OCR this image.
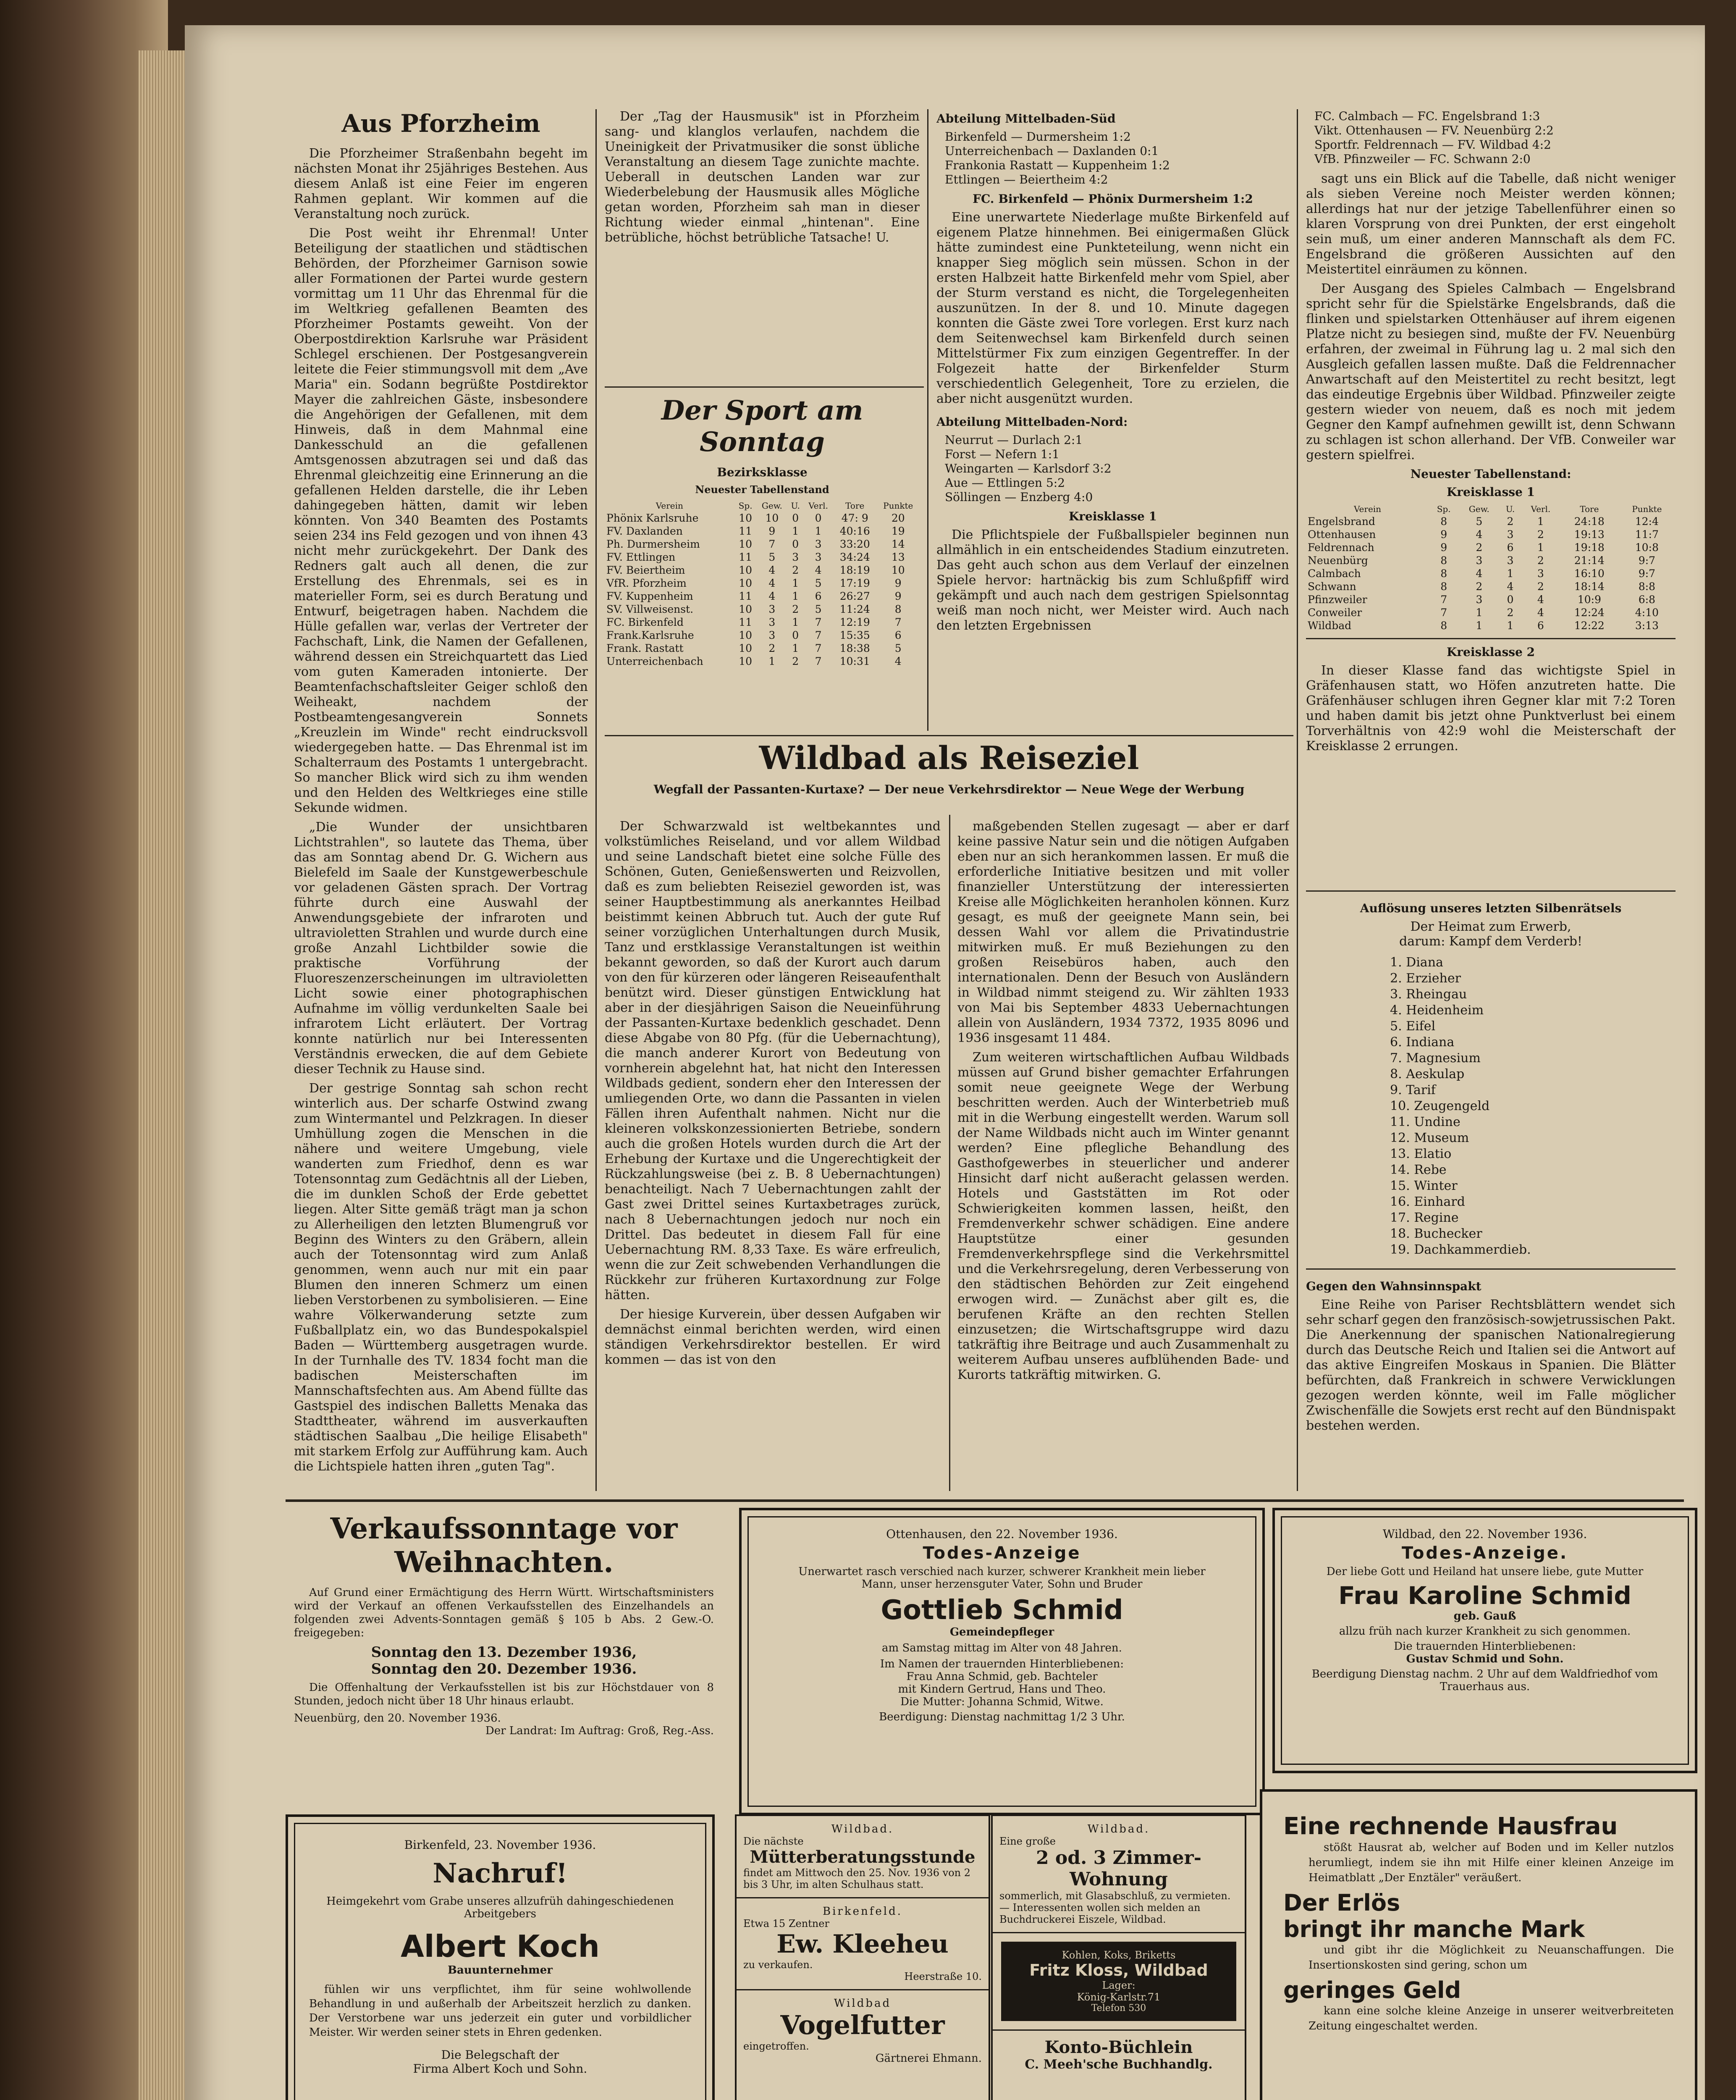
Aus Pforzheim

Die Pforzheimer Straßenbahn begeht im nächsten Monat ihr 25jähriges Bestehen. Aus diesem Anlaß ist eine Feier im engeren Rahmen geplant. Wir kommen auf die Veranstaltung noch zurück.

Die Post weiht ihr Ehrenmal! Unter Beteiligung der staatlichen und städtischen Behörden, der Pforzheimer Garnison sowie aller Formationen der Partei wurde gestern vormittag um 11 Uhr das Ehrenmal für die im Weltkrieg gefallenen Beamten des Pforzheimer Postamts geweiht. Von der Oberpostdirektion Karlsruhe war Präsident Schlegel erschienen. Der Postgesangverein leitete die Feier stimmungsvoll mit dem „Ave Maria" ein. Sodann begrüßte Postdirektor Mayer die zahlreichen Gäste, insbesondere die Angehörigen der Gefallenen, mit dem Hinweis, daß in dem Mahnmal eine Dankesschuld an die gefallenen Amtsgenossen abzutragen sei und daß das Ehrenmal gleichzeitig eine Erinnerung an die gefallenen Helden darstelle, die ihr Leben dahingegeben hätten, damit wir leben könnten. Von 340 Beamten des Postamts seien 234 ins Feld gezogen und von ihnen 43 nicht mehr zurückgekehrt. Der Dank des Redners galt auch all denen, die zur Erstellung des Ehrenmals, sei es in materieller Form, sei es durch Beratung und Entwurf, beigetragen haben. Nachdem die Hülle gefallen war, verlas der Vertreter der Fachschaft, Link, die Namen der Gefallenen, während dessen ein Streichquartett das Lied vom guten Kameraden intonierte. Der Beamtenfachschaftsleiter Geiger schloß den Weiheakt, nachdem der Postbeamtengesangverein Sonnets „Kreuzlein im Winde" recht eindrucksvoll wiedergegeben hatte. — Das Ehrenmal ist im Schalterraum des Postamts 1 untergebracht. So mancher Blick wird sich zu ihm wenden und den Helden des Weltkrieges eine stille Sekunde widmen.

„Die Wunder der unsichtbaren Lichtstrahlen", so lautete das Thema, über das am Sonntag abend Dr. G. Wichern aus Bielefeld im Saale der Kunstgewerbeschule vor geladenen Gästen sprach. Der Vortrag führte durch eine Auswahl der Anwendungsgebiete der infraroten und ultravioletten Strahlen und wurde durch eine große Anzahl Lichtbilder sowie die praktische Vorführung der Fluoreszenzerscheinungen im ultravioletten Licht sowie einer photographischen Aufnahme im völlig verdunkelten Saale bei infrarotem Licht erläutert. Der Vortrag konnte natürlich nur bei Interessenten Verständnis erwecken, die auf dem Gebiete dieser Technik zu Hause sind.

Der gestrige Sonntag sah schon recht winterlich aus. Der scharfe Ostwind zwang zum Wintermantel und Pelzkragen. In dieser Umhüllung zogen die Menschen in die nähere und weitere Umgebung, viele wanderten zum Friedhof, denn es war Totensonntag zum Gedächtnis all der Lieben, die im dunklen Schoß der Erde gebettet liegen. Alter Sitte gemäß trägt man ja schon zu Allerheiligen den letzten Blumengruß vor Beginn des Winters zu den Gräbern, allein auch der Totensonntag wird zum Anlaß genommen, wenn auch nur mit ein paar Blumen den inneren Schmerz um einen lieben Verstorbenen zu symbolisieren. — Eine wahre Völkerwanderung setzte zum Fußballplatz ein, wo das Bundespokalspiel Baden — Württemberg ausgetragen wurde. In der Turnhalle des TV. 1834 focht man die badischen Meisterschaften im Mannschaftsfechten aus. Am Abend füllte das Gastspiel des indischen Balletts Menaka das Stadttheater, während im ausverkauften städtischen Saalbau „Die heilige Elisabeth" mit starkem Erfolg zur Aufführung kam. Auch die Lichtspiele hatten ihren „guten Tag".

Der „Tag der Hausmusik" ist in Pforzheim sang- und klanglos verlaufen, nachdem die Uneinigkeit der Privatmusiker die sonst übliche Veranstaltung an diesem Tage zunichte machte. Ueberall in deutschen Landen war zur Wiederbelebung der Hausmusik alles Mögliche getan worden, Pforzheim sah man in dieser Richtung wieder einmal „hintenan". Eine betrübliche, höchst betrübliche Tatsache! U.

Der Sport am Sonntag
Bezirksklasse
Neuester Tabellenstand
Verein	Sp.	Gew.	U.	Verl.	Tore	Punkte
Phönix Karlsruhe	10	10	0	0	47: 9	20
FV. Daxlanden	11	9	1	1	40:16	19
Ph. Durmersheim	10	7	0	3	33:20	14
FV. Ettlingen	11	5	3	3	34:24	13
FV. Beiertheim	10	4	2	4	18:19	10
VfR. Pforzheim	10	4	1	5	17:19	9
FV. Kuppenheim	11	4	1	6	26:27	9
SV. Villweisenst.	10	3	2	5	11:24	8
FC. Birkenfeld	11	3	1	7	12:19	7
Frank.Karlsruhe	10	3	0	7	15:35	6
Frank. Rastatt	10	2	1	7	18:38	5
Unterreichenbach	10	1	2	7	10:31	4
Abteilung Mittelbaden-Süd
Birkenfeld — Durmersheim 1:2
Unterreichenbach — Daxlanden 0:1
Frankonia Rastatt — Kuppenheim 1:2
Ettlingen — Beiertheim 4:2
FC. Birkenfeld — Phönix Durmersheim 1:2

Eine unerwartete Niederlage mußte Birkenfeld auf eigenem Platze hinnehmen. Bei einigermaßen Glück hätte zumindest eine Punkteteilung, wenn nicht ein knapper Sieg möglich sein müssen. Schon in der ersten Halbzeit hatte Birkenfeld mehr vom Spiel, aber der Sturm verstand es nicht, die Torgelegenheiten auszunützen. In der 8. und 10. Minute dagegen konnten die Gäste zwei Tore vorlegen. Erst kurz nach dem Seitenwechsel kam Birkenfeld durch seinen Mittelstürmer Fix zum einzigen Gegentreffer. In der Folgezeit hatte der Birkenfelder Sturm verschiedentlich Gelegenheit, Tore zu erzielen, die aber nicht ausgenützt wurden.

Abteilung Mittelbaden-Nord:
Neurrut — Durlach 2:1
Forst — Nefern 1:1
Weingarten — Karlsdorf 3:2
Aue — Ettlingen 5:2
Söllingen — Enzberg 4:0
Kreisklasse 1

Die Pflichtspiele der Fußballspieler beginnen nun allmählich in ein entscheidendes Stadium einzutreten. Das geht auch schon aus dem Verlauf der einzelnen Spiele hervor: hartnäckig bis zum Schlußpfiff wird gekämpft und auch nach dem gestrigen Spielsonntag weiß man noch nicht, wer Meister wird. Auch nach den letzten Ergebnissen

FC. Calmbach — FC. Engelsbrand 1:3
Vikt. Ottenhausen — FV. Neuenbürg 2:2
Sportfr. Feldrennach — FV. Wildbad 4:2
VfB. Pfinzweiler — FC. Schwann 2:0

sagt uns ein Blick auf die Tabelle, daß nicht weniger als sieben Vereine noch Meister werden können; allerdings hat nur der jetzige Tabellenführer einen so klaren Vorsprung von drei Punkten, der erst eingeholt sein muß, um einer anderen Mannschaft als dem FC. Engelsbrand die größeren Aussichten auf den Meistertitel einräumen zu können.

Der Ausgang des Spieles Calmbach — Engelsbrand spricht sehr für die Spielstärke Engelsbrands, daß die flinken und spielstarken Ottenhäuser auf ihrem eigenen Platze nicht zu besiegen sind, mußte der FV. Neuenbürg erfahren, der zweimal in Führung lag u. 2 mal sich den Ausgleich gefallen lassen mußte. Daß die Feldrennacher Anwartschaft auf den Meistertitel zu recht besitzt, legt das eindeutige Ergebnis über Wildbad. Pfinzweiler zeigte gestern wieder von neuem, daß es noch mit jedem Gegner den Kampf aufnehmen gewillt ist, denn Schwann zu schlagen ist schon allerhand. Der VfB. Conweiler war gestern spielfrei.

Neuester Tabellenstand:
Kreisklasse 1
Verein	Sp.	Gew.	U.	Verl.	Tore	Punkte
Engelsbrand	8	5	2	1	24:18	12:4
Ottenhausen	9	4	3	2	19:13	11:7
Feldrennach	9	2	6	1	19:18	10:8
Neuenbürg	8	3	3	2	21:14	9:7
Calmbach	8	4	1	3	16:10	9:7
Schwann	8	2	4	2	18:14	8:8
Pfinzweiler	7	3	0	4	10:9	6:8
Conweiler	7	1	2	4	12:24	4:10
Wildbad	8	1	1	6	12:22	3:13
Kreisklasse 2

In dieser Klasse fand das wichtigste Spiel in Gräfenhausen statt, wo Höfen anzutreten hatte. Die Gräfenhäuser schlugen ihren Gegner klar mit 7:2 Toren und haben damit bis jetzt ohne Punktverlust bei einem Torverhältnis von 42:9 wohl die Meisterschaft der Kreisklasse 2 errungen.

Auflösung unseres letzten Silbenrätsels
Der Heimat zum Erwerb,
darum: Kampf dem Verderb!
1. Diana
2. Erzieher
3. Rheingau
4. Heidenheim
5. Eifel
6. Indiana
7. Magnesium
8. Aeskulap
9. Tarif
10. Zeugengeld
11. Undine
12. Museum
13. Elatio
14. Rebe
15. Winter
16. Einhard
17. Regine
18. Buchecker
19. Dachkammerdieb.
Gegen den Wahnsinnspakt

Eine Reihe von Pariser Rechtsblättern wendet sich sehr scharf gegen den französisch-sowjetrussischen Pakt. Die Anerkennung der spanischen Nationalregierung durch das Deutsche Reich und Italien sei die Antwort auf das aktive Eingreifen Moskaus in Spanien. Die Blätter befürchten, daß Frankreich in schwere Verwicklungen gezogen werden könnte, weil im Falle möglicher Zwischenfälle die Sowjets erst recht auf den Bündnispakt bestehen werden.

Wildbad als Reiseziel
Wegfall der Passanten-Kurtaxe? — Der neue Verkehrsdirektor — Neue Wege der Werbung

Der Schwarzwald ist weltbekanntes und volkstümliches Reiseland, und vor allem Wildbad und seine Landschaft bietet eine solche Fülle des Schönen, Guten, Genießenswerten und Reizvollen, daß es zum beliebten Reiseziel geworden ist, was seiner Hauptbestimmung als anerkanntes Heilbad beistimmt keinen Abbruch tut. Auch der gute Ruf seiner vorzüglichen Unterhaltungen durch Musik, Tanz und erstklassige Veranstaltungen ist weithin bekannt geworden, so daß der Kurort auch darum von den für kürzeren oder längeren Reiseaufenthalt benützt wird. Dieser günstigen Entwicklung hat aber in der diesjährigen Saison die Neueinführung der Passanten-Kurtaxe bedenklich geschadet. Denn diese Abgabe von 80 Pfg. (für die Uebernachtung), die manch anderer Kurort von Bedeutung von vornherein abgelehnt hat, hat nicht den Interessen Wildbads gedient, sondern eher den Interessen der umliegenden Orte, wo dann die Passanten in vielen Fällen ihren Aufenthalt nahmen. Nicht nur die kleineren volkskonzessionierten Betriebe, sondern auch die großen Hotels wurden durch die Art der Erhebung der Kurtaxe und die Ungerechtigkeit der Rückzahlungsweise (bei z. B. 8 Uebernachtungen) benachteiligt. Nach 7 Uebernachtungen zahlt der Gast zwei Drittel seines Kurtaxbetrages zurück, nach 8 Uebernachtungen jedoch nur noch ein Drittel. Das bedeutet in diesem Fall für eine Uebernachtung RM. 8,33 Taxe. Es wäre erfreulich, wenn die zur Zeit schwebenden Verhandlungen die Rückkehr zur früheren Kurtaxordnung zur Folge hätten.

Der hiesige Kurverein, über dessen Aufgaben wir demnächst einmal berichten werden, wird einen ständigen Verkehrsdirektor bestellen. Er wird kommen — das ist von den

maßgebenden Stellen zugesagt — aber er darf keine passive Natur sein und die nötigen Aufgaben eben nur an sich herankommen lassen. Er muß die erforderliche Initiative besitzen und mit voller finanzieller Unterstützung der interessierten Kreise alle Möglichkeiten heranholen können. Kurz gesagt, es muß der geeignete Mann sein, bei dessen Wahl vor allem die Privatindustrie mitwirken muß. Er muß Beziehungen zu den großen Reisebüros haben, auch den internationalen. Denn der Besuch von Ausländern in Wildbad nimmt steigend zu. Wir zählten 1933 von Mai bis September 4833 Uebernachtungen allein von Ausländern, 1934 7372, 1935 8096 und 1936 insgesamt 11 484.

Zum weiteren wirtschaftlichen Aufbau Wildbads müssen auf Grund bisher gemachter Erfahrungen somit neue geeignete Wege der Werbung beschritten werden. Auch der Winterbetrieb muß mit in die Werbung eingestellt werden. Warum soll der Name Wildbads nicht auch im Winter genannt werden? Eine pflegliche Behandlung des Gasthofgewerbes in steuerlicher und anderer Hinsicht darf nicht außeracht gelassen werden. Hotels und Gaststätten im Rot oder Schwierigkeiten kommen lassen, heißt, den Fremdenverkehr schwer schädigen. Eine andere Hauptstütze einer gesunden Fremdenverkehrspflege sind die Verkehrsmittel und die Verkehrsregelung, deren Verbesserung von den städtischen Behörden zur Zeit eingehend erwogen wird. — Zunächst aber gilt es, die berufenen Kräfte an den rechten Stellen einzusetzen; die Wirtschaftsgruppe wird dazu tatkräftig ihre Beitrage und auch Zusammenhalt zu weiterem Aufbau unseres aufblühenden Bade- und Kurorts tatkräftig mitwirken. G.

Verkaufssonntage vor
Weihnachten.

Auf Grund einer Ermächtigung des Herrn Württ. Wirtschaftsministers wird der Verkauf an offenen Verkaufsstellen des Einzelhandels an folgenden zwei Advents-Sonntagen gemäß § 105 b Abs. 2 Gew.-O. freigegeben:

Sonntag den 13. Dezember 1936,
Sonntag den 20. Dezember 1936.

Die Offenhaltung der Verkaufsstellen ist bis zur Höchstdauer von 8 Stunden, jedoch nicht über 18 Uhr hinaus erlaubt.

Neuenbürg, den 20. November 1936.
Der Landrat: Im Auftrag: Groß, Reg.-Ass.
Ottenhausen, den 22. November 1936.
Todes-Anzeige
Unerwartet rasch verschied nach kurzer, schwerer Krankheit mein lieber Mann, unser herzensguter Vater, Sohn und Bruder
Gottlieb Schmid
Gemeindepfleger
am Samstag mittag im Alter von 48 Jahren.
Im Namen der trauernden Hinterbliebenen:
Frau Anna Schmid, geb. Bachteler
mit Kindern Gertrud, Hans und Theo.
Die Mutter: Johanna Schmid, Witwe.
Beerdigung: Dienstag nachmittag 1/2 3 Uhr.
Wildbad, den 22. November 1936.
Todes-Anzeige.
Der liebe Gott und Heiland hat unsere liebe, gute Mutter
Frau Karoline Schmid
geb. Gauß
allzu früh nach kurzer Krankheit zu sich genommen.
Die trauernden Hinterbliebenen:
Gustav Schmid und Sohn.
Beerdigung Dienstag nachm. 2 Uhr auf dem Waldfriedhof vom Trauerhaus aus.
Birkenfeld, 23. November 1936.
Nachruf!
Heimgekehrt vom Grabe unseres allzufrüh dahingeschiedenen Arbeitgebers
Albert Koch
Bauunternehmer

fühlen wir uns verpflichtet, ihm für seine wohlwollende Behandlung in und außerhalb der Arbeitszeit herzlich zu danken. Der Verstorbene war uns jederzeit ein guter und vorbildlicher Meister. Wir werden seiner stets in Ehren gedenken.

Die Belegschaft der
Firma Albert Koch und Sohn.
Wildbad.
Die nächste
Mütterberatungsstunde
findet am Mittwoch den 25. Nov. 1936 von 2 bis 3 Uhr, im alten Schulhaus statt.
Birkenfeld.
Etwa 15 Zentner
Ew. Kleeheu
zu verkaufen.
Heerstraße 10.
Wildbad
Vogelfutter
eingetroffen.
Gärtnerei Ehmann.
Wildbad.
Eine große
2 od. 3 Zimmer-
Wohnung
sommerlich, mit Glasabschluß, zu vermieten. — Interessenten wollen sich melden an Buchdruckerei Eiszele, Wildbad.
Kohlen, Koks, Briketts
Fritz Kloss, Wildbad
Lager:
König-Karlstr.71
Telefon 530
Konto-Büchlein
C. Meeh'sche Buchhandlg.
Eine rechnende Hausfrau

stößt Hausrat ab, welcher auf Boden und im Keller nutzlos herumliegt, indem sie ihn mit Hilfe einer kleinen Anzeige im Heimatblatt „Der Enztäler" veräußert.

Der Erlös
bringt ihr manche Mark

und gibt ihr die Möglichkeit zu Neuanschaffungen. Die Insertionskosten sind gering, schon um

geringes Geld

kann eine solche kleine Anzeige in unserer weitverbreiteten Zeitung eingeschaltet werden.
